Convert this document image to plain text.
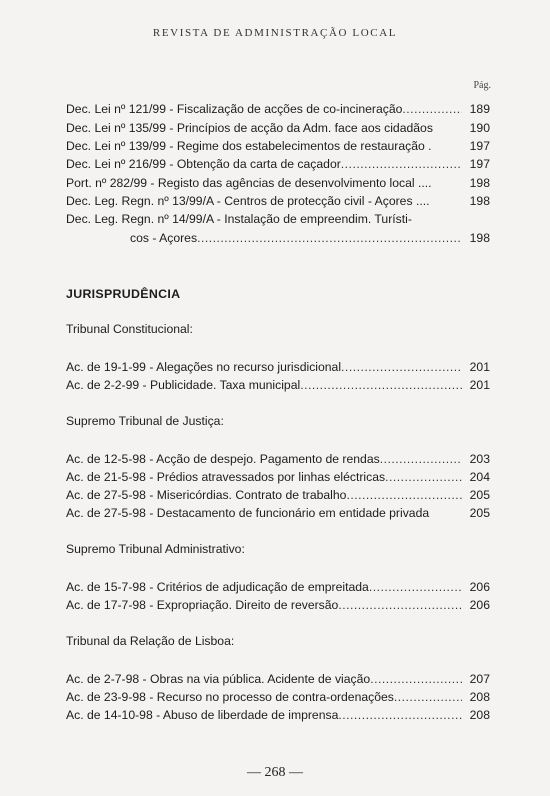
REVISTA DE ADMINISTRAÇÃO LOCAL
Pág.
Dec. Lei nº 121/99 - Fiscalização de acções de co-incineração .....	189
Dec. Lei nº 135/99 - Princípios de acção da Adm. face aos cidadãos	190
Dec. Lei nº 139/99 - Regime dos estabelecimentos de restauração .	197
Dec. Lei nº 216/99 - Obtenção da carta de caçador .....	197
Port. nº 282/99 - Registo das agências de desenvolvimento local ....	198
Dec. Leg. Regn. nº 13/99/A - Centros de protecção civil - Açores ....	198
Dec. Leg. Regn. nº 14/99/A - Instalação de empreendim. Turísti-
cos - Açores .....	198
JURISPRUDÊNCIA
Tribunal Constitucional:
Ac. de 19-1-99 - Alegações no recurso jurisdicional .....	201
Ac. de 2-2-99 - Publicidade. Taxa municipal .....	201
Supremo Tribunal de Justiça:
Ac. de 12-5-98 - Acção de despejo. Pagamento de rendas .....	203
Ac. de 21-5-98 - Prédios atravessados por linhas eléctricas .....	204
Ac. de 27-5-98 - Misericórdias. Contrato de trabalho .....	205
Ac. de 27-5-98 - Destacamento de funcionário em entidade privada	205
Supremo Tribunal Administrativo:
Ac. de 15-7-98 - Critérios de adjudicação de empreitada .....	206
Ac. de 17-7-98 - Expropriação. Direito de reversão .....	206
Tribunal da Relação de Lisboa:
Ac. de 2-7-98 - Obras na via pública. Acidente de viação .....	207
Ac. de 23-9-98 - Recurso no processo de contra-ordenações .....	208
Ac. de 14-10-98 - Abuso de liberdade de imprensa .....	208
— 268 —
